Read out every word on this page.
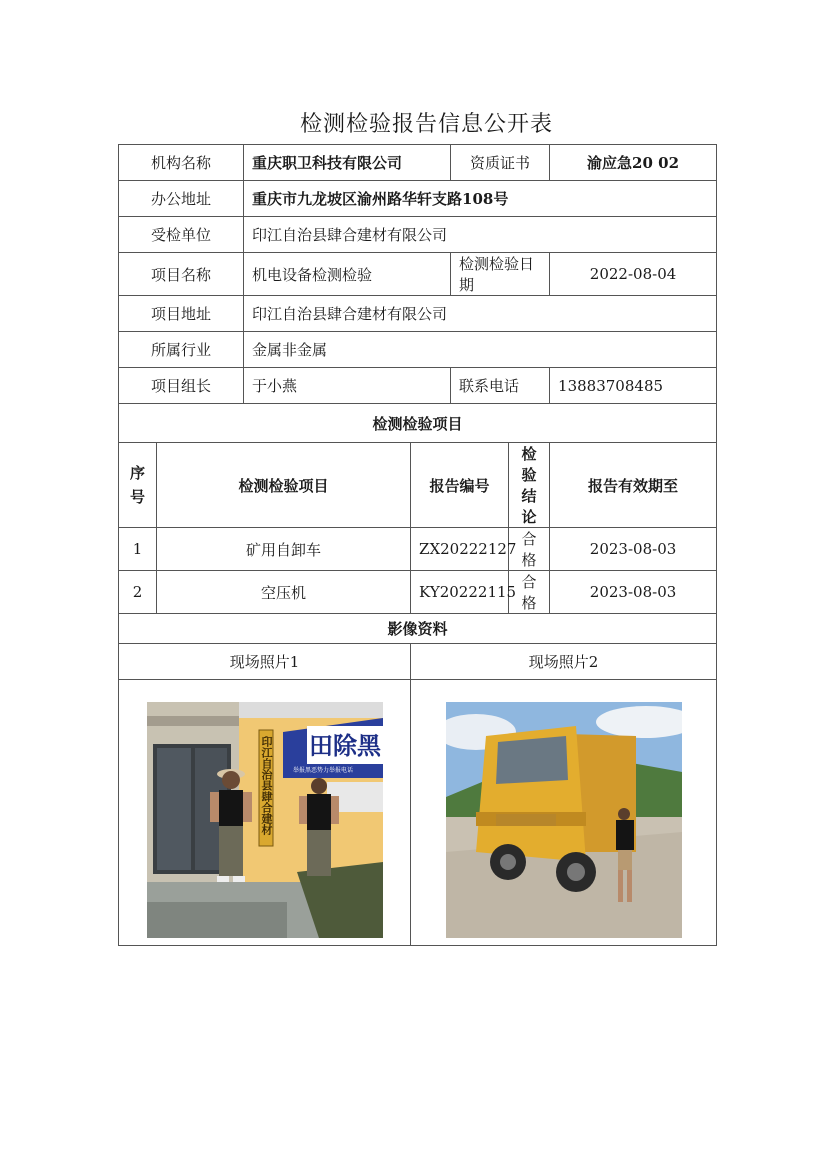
检测检验报告信息公开表
机构名称		重庆职卫科技有限公司		资质证书		渝应急20 02
办公地址		重庆市九龙坡区渝州路华轩支路108号				
受检单位		印江自治县肆合建材有限公司				
项目名称		机电设备检测检验		检测检验日期		2022-08-04
项目地址		印江自治县肆合建材有限公司				
所属行业		金属非金属				
项目组长		于小燕		联系电话		13883708485
检测检验项目						
序号	检测检验项目		报告编号		检验结论	报告有效期至
1	矿用自卸车		ZX20222127		合格	2023-08-03
2	空压机		KY20222115		合格	2023-08-03
影像资料						
现场照片1			现场照片2			

印江自治县肆合建材 田除黑
举报黑恶势力举报电话
